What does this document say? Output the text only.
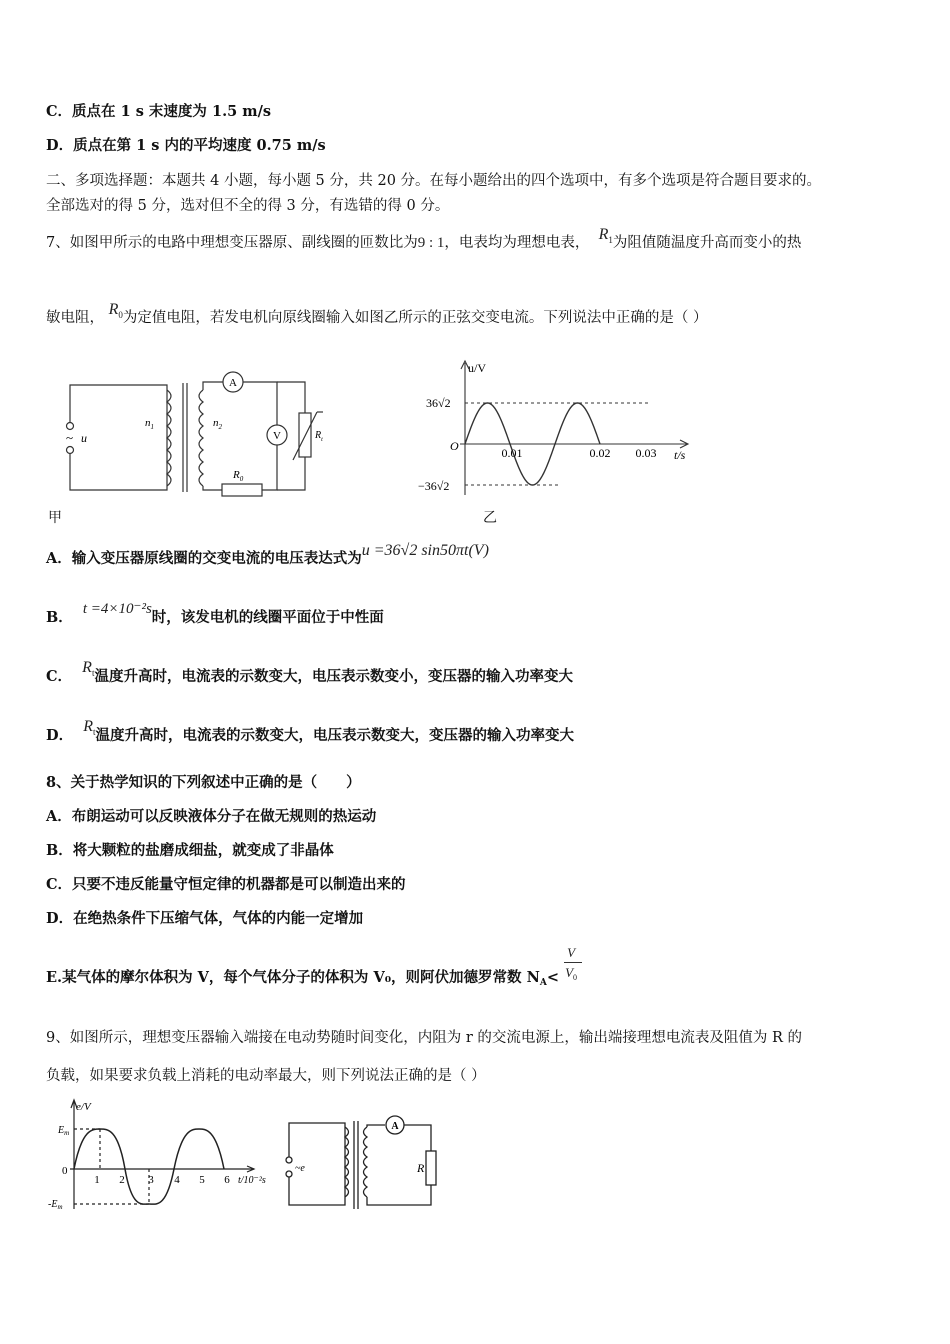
C．质点在 1 s 末速度为 1.5 m/s
D．质点在第 1 s 内的平均速度 0.75 m/s
二、多项选择题：本题共 4 小题，每小题 5 分，共 20 分。在每小题给出的四个选项中，有多个选项是符合题目要求的。
全部选对的得 5 分，选对但不全的得 3 分，有选错的得 0 分。
7、如图甲所示的电路中理想变压器原、副线圈的匝数比为9 : 1，电表均为理想电表， $R_1$为阻值随温度升高而变小的热
敏电阻， $R_0$为定值电阻，若发电机向原线圈输入如图乙所示的正弦交变电流。下列说法中正确的是（ ）
A
V
~ u
$n_1$	$n_2$
$R_0$
$R_t$
甲
u/V
t/s
O
36√2
−36√2
0.01	0.02 0.03
乙
A．输入变压器原线圈的交变电流的电压表达式为u =36√2 sin50πt(V)
B． t =4×10⁻²s时，该发电机的线圈平面位于中性面
C．  $R_t$温度升高时，电流表的示数变大，电压表示数变小，变压器的输入功率变大
D．  $R_t$温度升高时，电流表的示数变大，电压表示数变大，变压器的输入功率变大
8、关于热学知识的下列叙述中正确的是（　　）
A．布朗运动可以反映液体分子在做无规则的热运动
B．将大颗粒的盐磨成细盐，就变成了非晶体
C．只要不违反能量守恒定律的机器都是可以制造出来的
D．在绝热条件下压缩气体，气体的内能一定增加
E.某气体的摩尔体积为 V，每个气体分子的体积为 V₀，则阿伏加德罗常数 $N_A< \frac{V}{V_0}$
9、如图所示，理想变压器输入端接在电动势随时间变化，内阻为 r 的交流电源上，输出端接理想电流表及阻值为 R 的
负载，如果要求负载上消耗的电动率最大，则下列说法正确的是（ ）
e/V
$E_m$
$-E_m$
0
1 2 3 4 5 6 t/10⁻²s
A
R
~e
